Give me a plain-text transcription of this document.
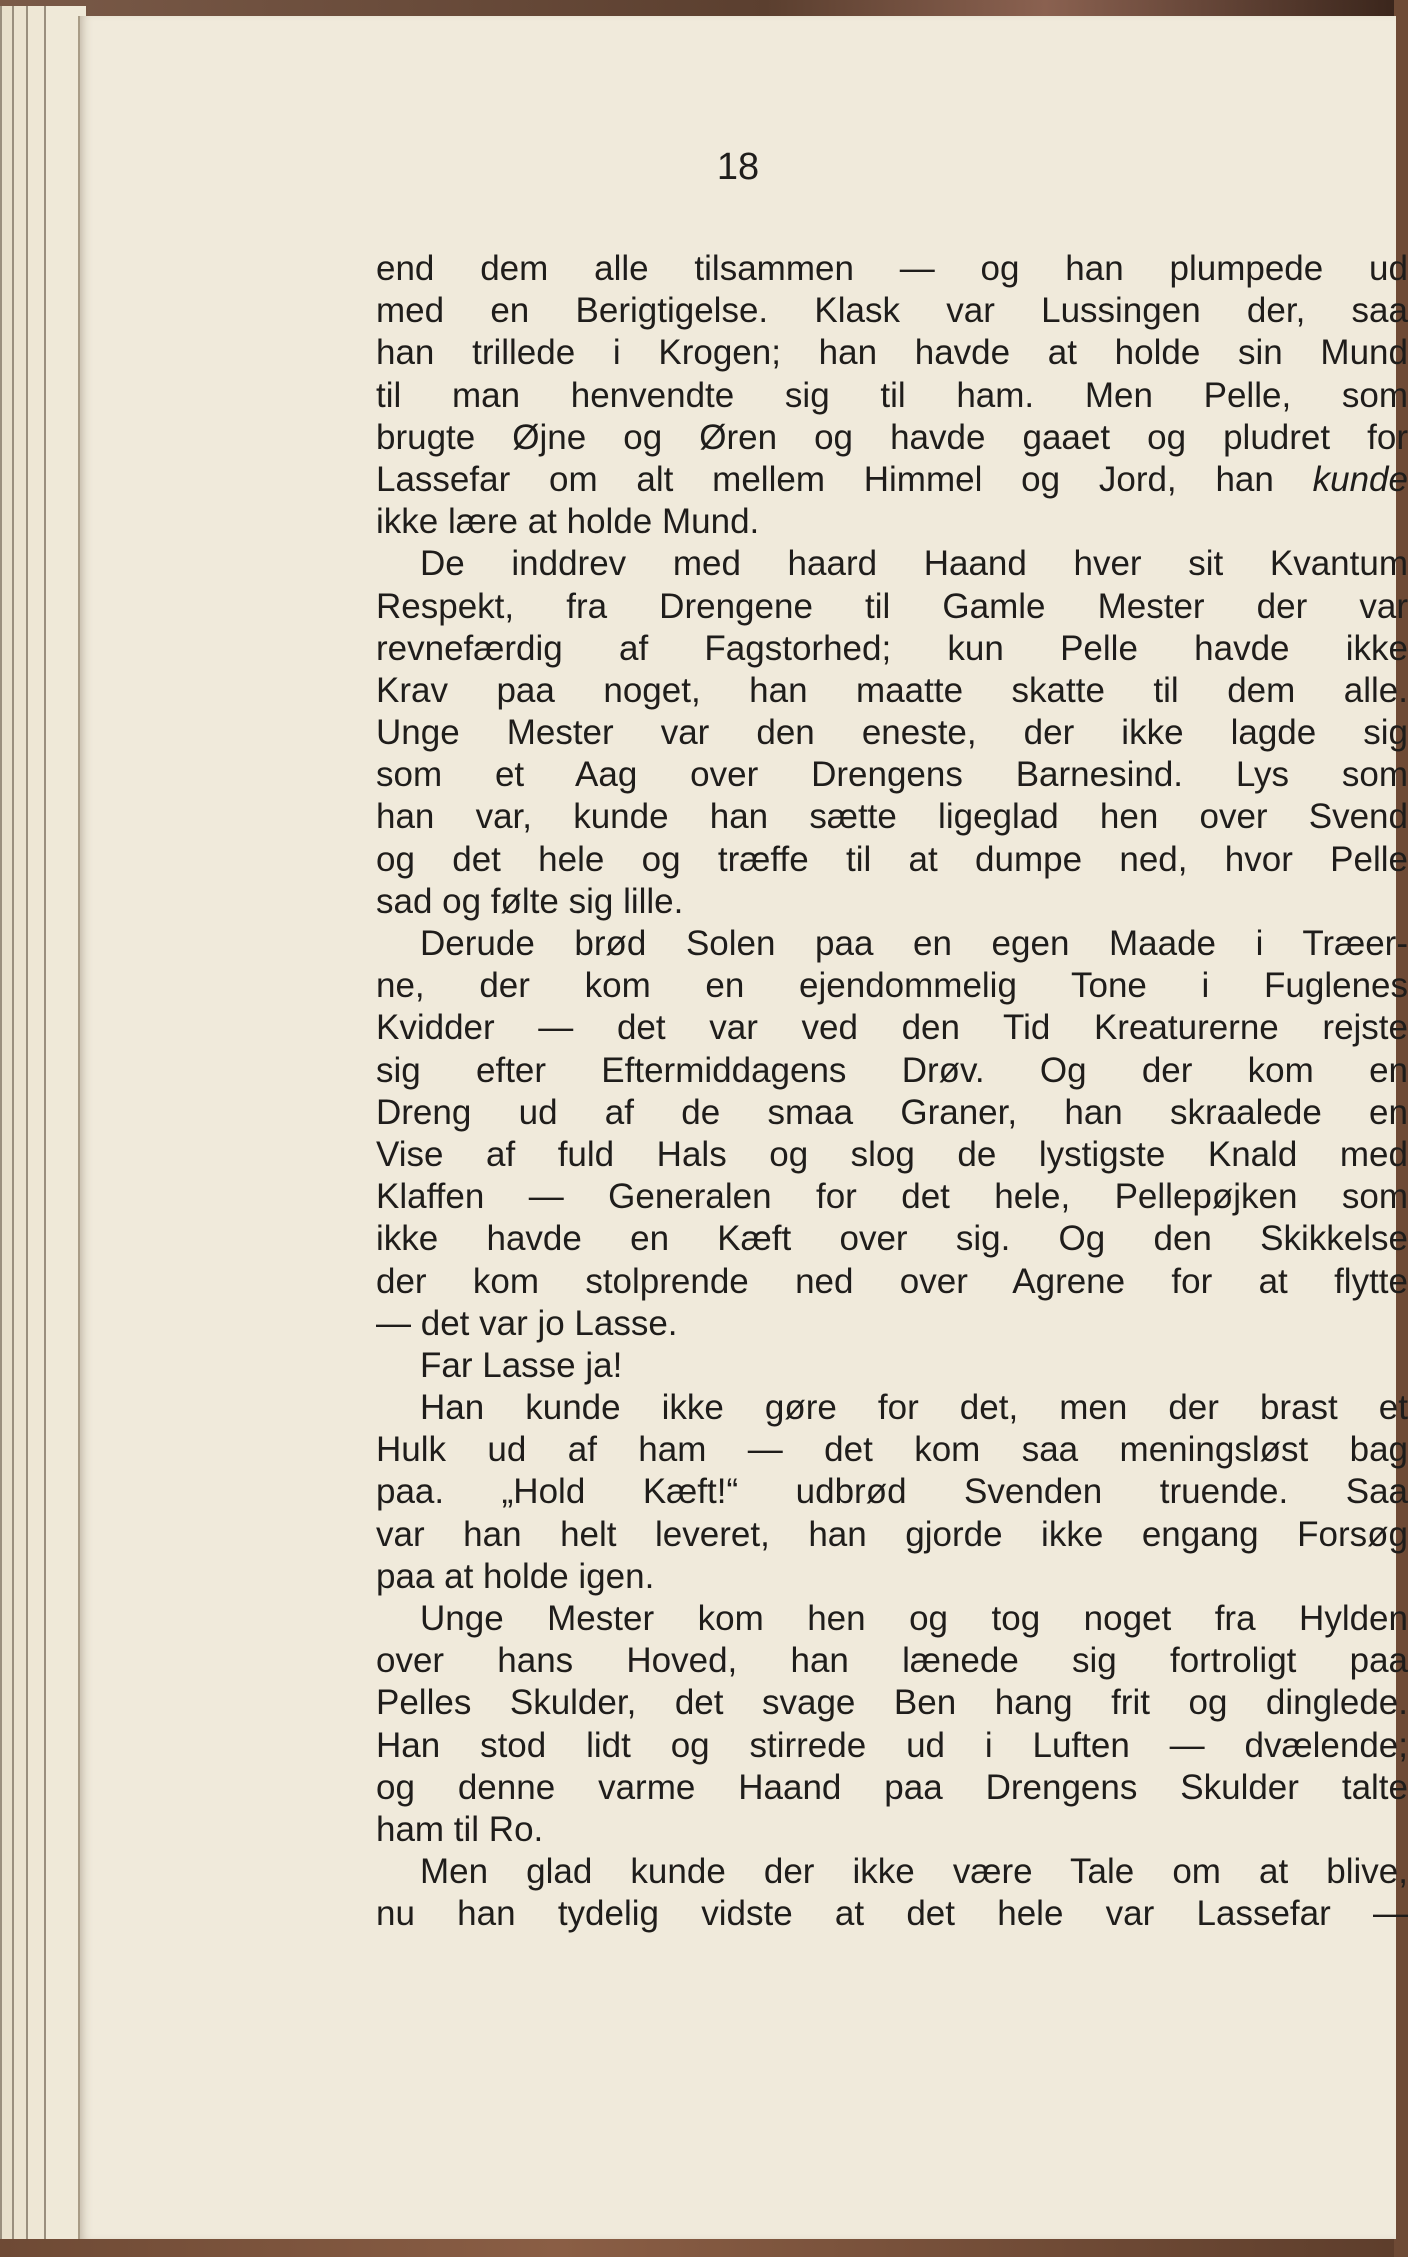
18
end dem alle tilsammen — og han plumpede ud
med en Berigtigelse. Klask var Lussingen der, saa
han trillede i Krogen; han havde at holde sin Mund
til man henvendte sig til ham. Men Pelle, som
brugte Øjne og Øren og havde gaaet og pludret for
Lassefar om alt mellem Himmel og Jord, han kunde
ikke lære at holde Mund.
De inddrev med haard Haand hver sit Kvantum
Respekt, fra Drengene til Gamle Mester der var
revnefærdig af Fagstorhed; kun Pelle havde ikke
Krav paa noget, han maatte skatte til dem alle.
Unge Mester var den eneste, der ikke lagde sig
som et Aag over Drengens Barnesind. Lys som
han var, kunde han sætte ligeglad hen over Svend
og det hele og træffe til at dumpe ned, hvor Pelle
sad og følte sig lille.
Derude brød Solen paa en egen Maade i Træer-
ne, der kom en ejendommelig Tone i Fuglenes
Kvidder — det var ved den Tid Kreaturerne rejste
sig efter Eftermiddagens Drøv. Og der kom en
Dreng ud af de smaa Graner, han skraalede en
Vise af fuld Hals og slog de lystigste Knald med
Klaffen — Generalen for det hele, Pellepøjken som
ikke havde en Kæft over sig. Og den Skikkelse
der kom stolprende ned over Agrene for at flytte
— det var jo Lasse.
Far Lasse ja!
Han kunde ikke gøre for det, men der brast et
Hulk ud af ham — det kom saa meningsløst bag
paa. „Hold Kæft!“ udbrød Svenden truende. Saa
var han helt leveret, han gjorde ikke engang Forsøg
paa at holde igen.
Unge Mester kom hen og tog noget fra Hylden
over hans Hoved, han lænede sig fortroligt paa
Pelles Skulder, det svage Ben hang frit og dinglede.
Han stod lidt og stirrede ud i Luften — dvælende;
og denne varme Haand paa Drengens Skulder talte
ham til Ro.
Men glad kunde der ikke være Tale om at blive,
nu han tydelig vidste at det hele var Lassefar —
